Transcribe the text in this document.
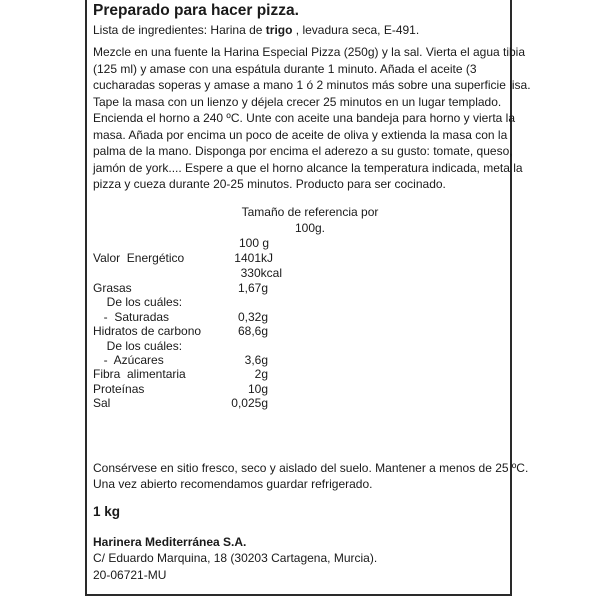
Preparado para hacer pizza.
Lista de ingredientes: Harina de trigo , levadura seca, E-491.
Mezcle en una fuente la Harina Especial Pizza (250g) y la sal. Vierta el agua tibia
(125 ml) y amase con una espátula durante 1 minuto. Añada el aceite (3
cucharadas soperas y amase a mano 1 ó 2 minutos más sobre una superficie lisa.
Tape la masa con un lienzo y déjela crecer 25 minutos en un lugar templado.
Encienda el horno a 240 ºC. Unte con aceite una bandeja para horno y vierta la
masa. Añada por encima un poco de aceite de oliva y extienda la masa con la
palma de la mano. Disponga por encima el aderezo a su gusto: tomate, queso,
jamón de york.... Espere a que el horno alcance la temperatura indicada, meta la
pizza y cueza durante 20-25 minutos. Producto para ser cocinado.
Tamaño de referencia por
100g.
100 g
Valor  Energético	1401kJ
330kcal
Grasas	1,67g
De los cuáles:
-  Saturadas	0,32g
Hidratos de carbono	68,6g
De los cuáles:
-  Azúcares	3,6g
Fibra  alimentaria	2g
Proteínas	10g
Sal	0,025g
Consérvese en sitio fresco, seco y aislado del suelo. Mantener a menos de 25 ºC.
Una vez abierto recomendamos guardar refrigerado.
1 kg
Harinera Mediterránea S.A.
C/ Eduardo Marquina, 18 (30203 Cartagena, Murcia).
20-06721-MU
